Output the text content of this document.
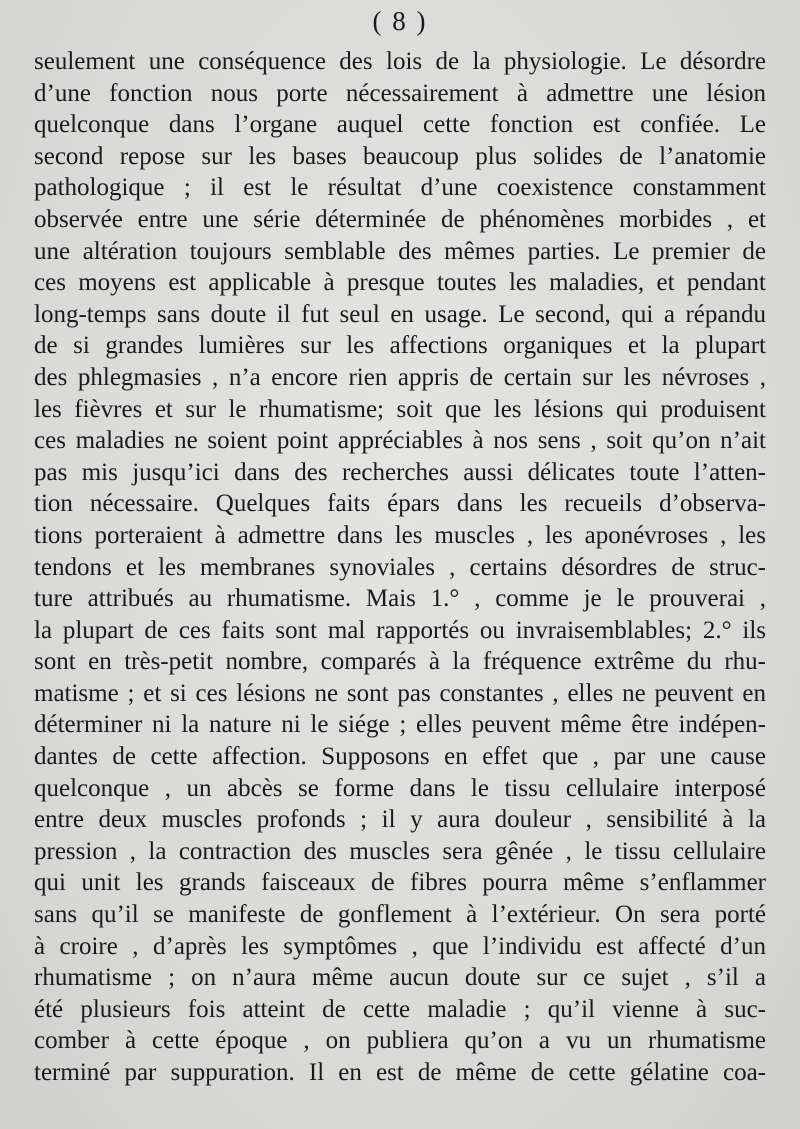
( 8 )
seulement une conséquence des lois de la physiologie. Le désordre
d’une fonction nous porte nécessairement à admettre une lésion
quelconque dans l’organe auquel cette fonction est confiée. Le
second repose sur les bases beaucoup plus solides de l’anatomie
pathologique ; il est le résultat d’une coexistence constamment
observée entre une série déterminée de phénomènes morbides , et
une altération toujours semblable des mêmes parties. Le premier de
ces moyens est applicable à presque toutes les maladies, et pendant
long-temps sans doute il fut seul en usage. Le second, qui a répandu
de si grandes lumières sur les affections organiques et la plupart
des phlegmasies , n’a encore rien appris de certain sur les névroses ,
les fièvres et sur le rhumatisme; soit que les lésions qui produisent
ces maladies ne soient point appréciables à nos sens , soit qu’on n’ait
pas mis jusqu’ici dans des recherches aussi délicates toute l’atten-
tion nécessaire. Quelques faits épars dans les recueils d’observa-
tions porteraient à admettre dans les muscles , les aponévroses , les
tendons et les membranes synoviales , certains désordres de struc-
ture attribués au rhumatisme. Mais 1.° , comme je le prouverai ,
la plupart de ces faits sont mal rapportés ou invraisemblables; 2.° ils
sont en très-petit nombre, comparés à la fréquence extrême du rhu-
matisme ; et si ces lésions ne sont pas constantes , elles ne peuvent en
déterminer ni la nature ni le siége ; elles peuvent même être indépen-
dantes de cette affection. Supposons en effet que , par une cause
quelconque , un abcès se forme dans le tissu cellulaire interposé
entre deux muscles profonds ; il y aura douleur , sensibilité à la
pression , la contraction des muscles sera gênée , le tissu cellulaire
qui unit les grands faisceaux de fibres pourra même s’enflammer
sans qu’il se manifeste de gonflement à l’extérieur. On sera porté
à croire , d’après les symptômes , que l’individu est affecté d’un
rhumatisme ; on n’aura même aucun doute sur ce sujet , s’il a
été plusieurs fois atteint de cette maladie ; qu’il vienne à suc-
comber à cette époque , on publiera qu’on a vu un rhumatisme
terminé par suppuration. Il en est de même de cette gélatine coa-
